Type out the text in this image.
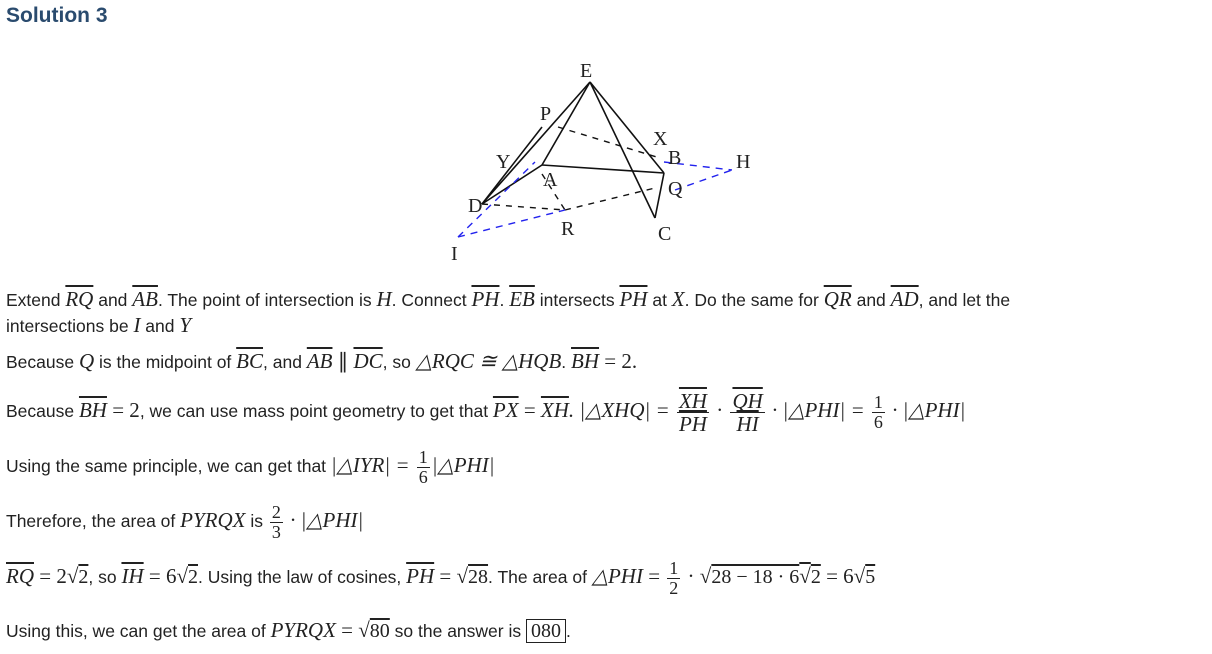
Solution 3
E
P
X
B	H
Y
A	Q
D
R	C
I
Extend $\overline{RQ}$ and $\overline{AB}$. The point of intersection is H. Connect $\overline{PH}$. $\overline{EB}$ intersects $\overline{PH}$ at X. Do the same for $\overline{QR}$ and $\overline{AD}$, and let the
intersections be I and Y
Because Q is the midpoint of $\overline{BC}$, and $\overline{AB}$ ∥ $\overline{DC}$, so △RQC ≅ △HQB. $\overline{BH} = 2$.
Because $\overline{BH} = 2$, we can use mass point geometry to get that $\overline{PX} = \overline{XH}$. |△XHQ| = $\frac{\overline{XH}}{PH} \cdot \frac{\overline{QH}}{HI}$ · |△PHI| = $\frac{1}{6}$ · |△PHI|
Using the same principle, we can get that |△IYR| = $\frac{1}{6}$ |△PHI|
Therefore, the area of PYRQX is $\frac{2}{3}$ · |△PHI|
$\overline{RQ} = 2√2$, so $\overline{IH} = 6√2$. Using the law of cosines, $\overline{PH} = √28$. The area of △PHI = $\frac{1}{2} \cdot √28 - 18 \cdot 6√2 = 6√5$
Using this, we can get the area of PYRQX = √80 so the answer is 080 .
